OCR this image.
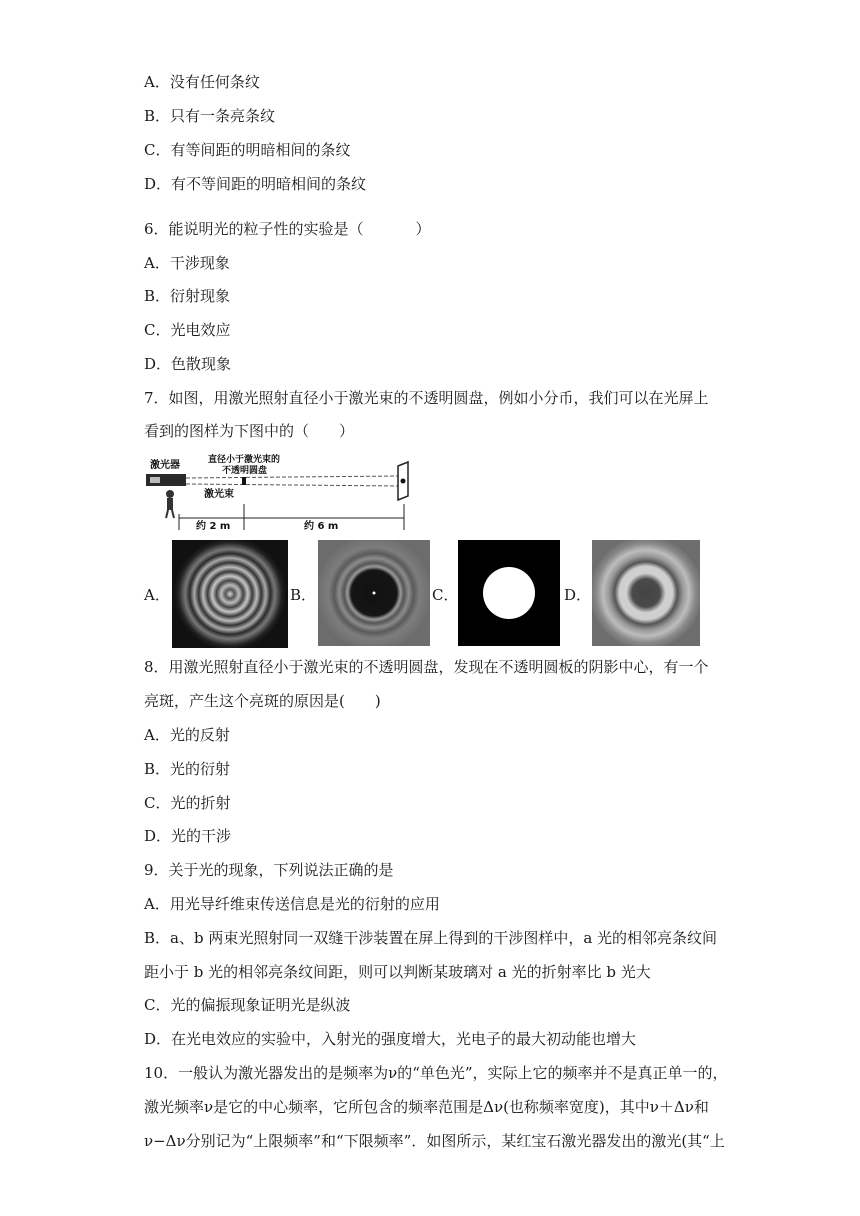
A．没有任何条纹
B．只有一条亮条纹
C．有等间距的明暗相间的条纹
D．有不等间距的明暗相间的条纹
6．能说明光的粒子性的实验是（	）
A．干涉现象
B．衍射现象
C．光电效应
D．色散现象
7．如图，用激光照射直径小于激光束的不透明圆盘，例如小分币，我们可以在光屏上
看到的图样为下图中的（　　）
激光器	直径小于激光束的
不透明圆盘
激光束
约 2 m	约 6 m
A．	B．	C．	D．
8．用激光照射直径小于激光束的不透明圆盘，发现在不透明圆板的阴影中心，有一个
亮斑，产生这个亮斑的原因是(　　)
A．光的反射
B．光的衍射
C．光的折射
D．光的干涉
9．关于光的现象，下列说法正确的是
A．用光导纤维束传送信息是光的衍射的应用
B．a、b 两束光照射同一双缝干涉装置在屏上得到的干涉图样中，a 光的相邻亮条纹间
距小于 b 光的相邻亮条纹间距，则可以判断某玻璃对 a 光的折射率比 b 光大
C．光的偏振现象证明光是纵波
D．在光电效应的实验中，入射光的强度增大，光电子的最大初动能也增大
10．一般认为激光器发出的是频率为ν的“单色光”，实际上它的频率并不是真正单一的，
激光频率ν是它的中心频率，它所包含的频率范围是Δν(也称频率宽度)，其中ν＋Δν和
ν−Δν分别记为“上限频率”和“下限频率”．如图所示，某红宝石激光器发出的激光(其“上
